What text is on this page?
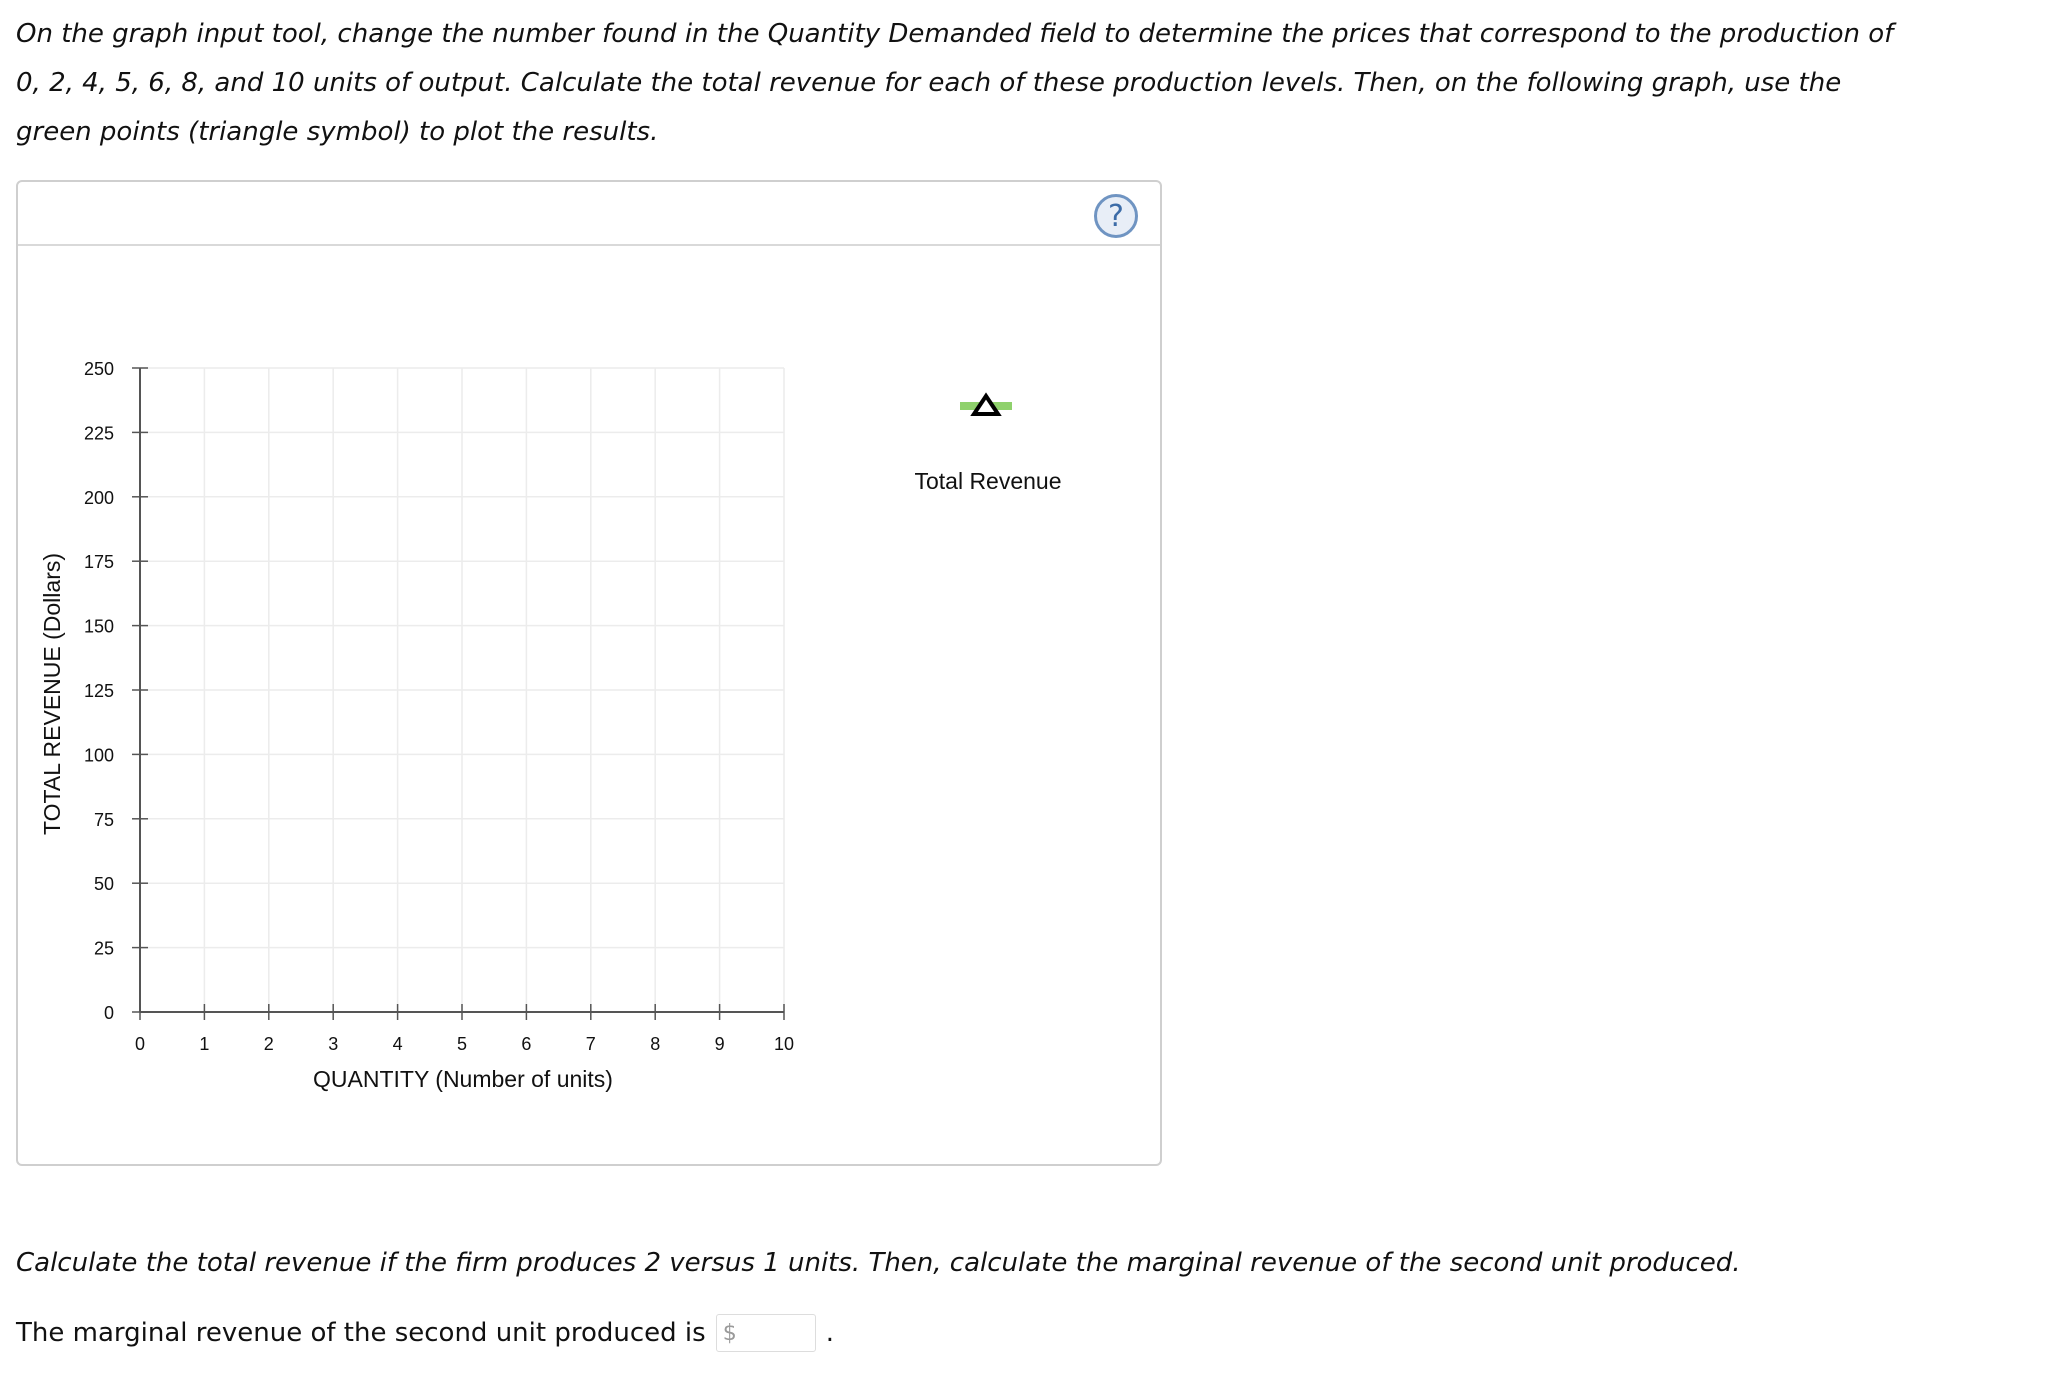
On the graph input tool, change the number found in the Quantity Demanded field to determine the prices that correspond to the production of 0, 2, 4, 5, 6, 8, and 10 units of output. Calculate the total revenue for each of these production levels. Then, on the following graph, use the green points (triangle symbol) to plot the results.

?
0
25
50
75
100
125
150
175
200
225
250
0	1	2	3	4	5	6	7	8	9	10
QUANTITY (Number of units)
TOTAL REVENUE (Dollars)
Total Revenue

Calculate the total revenue if the firm produces 2 versus 1 units. Then, calculate the marginal revenue of the second unit produced.

The marginal revenue of the second unit produced is $	.
